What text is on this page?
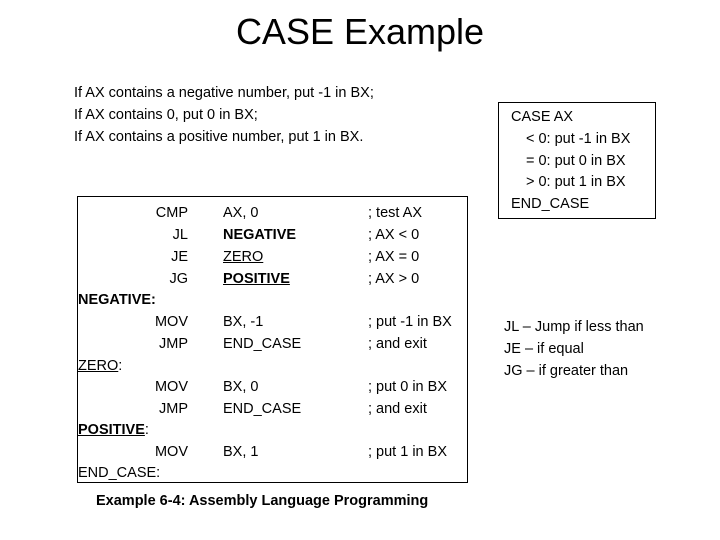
CASE Example
If AX contains a negative number, put -1 in BX;
If AX contains 0, put 0 in BX;
If AX contains a positive number, put 1 in BX.
CMP AX, 0	; test AX
JL NEGATIVE	; AX < 0
JE ZERO	; AX = 0
JG POSITIVE	; AX > 0
NEGATIVE:
MOV BX, -1	; put -1 in BX
JMP END_CASE	; and exit
ZERO:
MOV BX, 0	; put 0 in BX
JMP END_CASE	; and exit
POSITIVE:
MOV BX, 1	; put 1 in BX
END_CASE:
Example 6-4: Assembly Language Programming
CASE AX
< 0: put -1 in BX
= 0: put 0 in BX
> 0: put 1 in BX
END_CASE
JL – Jump if less than
JE – if equal
JG – if greater than
